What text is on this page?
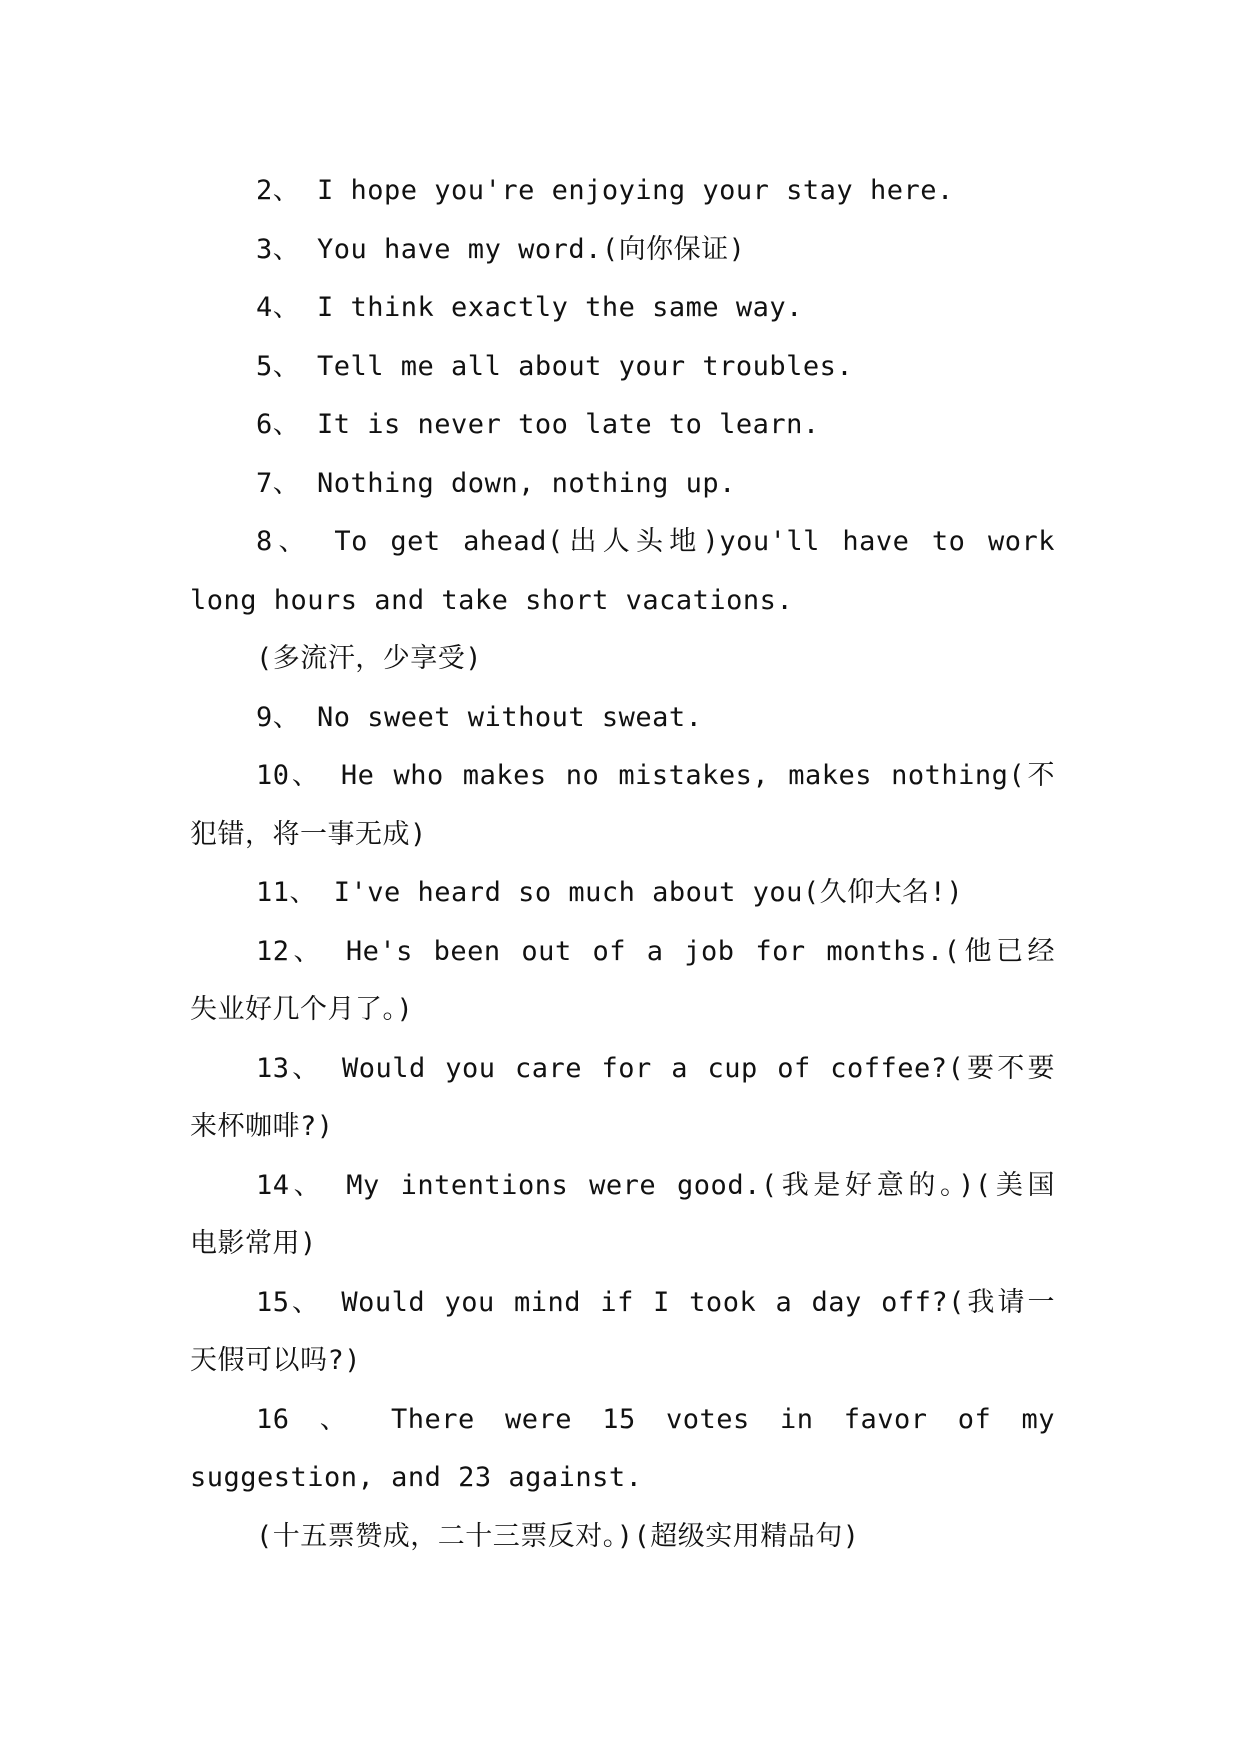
2、 I hope you're enjoying your stay here.
3、 You have my word.(向你保证)
4、 I think exactly the same way.
5、 Tell me all about your troubles.
6、 It is never too late to learn.
7、 Nothing down, nothing up.
8、 To get ahead(出人头地)you'll have to work
long hours and take short vacations.
(多流汗，少享受)
9、 No sweet without sweat.
10、 He who makes no mistakes, makes nothing(不
犯错，将一事无成)
11、 I've heard so much about you(久仰大名!)
12、 He's been out of a job for months.(他已经
失业好几个月了。)
13、 Would you care for a cup of coffee?(要不要
来杯咖啡?)
14、 My intentions were good.(我是好意的。)(美国
电影常用)
15、 Would you mind if I took a day off?(我请一
天假可以吗?)
16 、 There were 15 votes in favor of my
suggestion, and 23 against.
(十五票赞成，二十三票反对。)(超级实用精品句)
